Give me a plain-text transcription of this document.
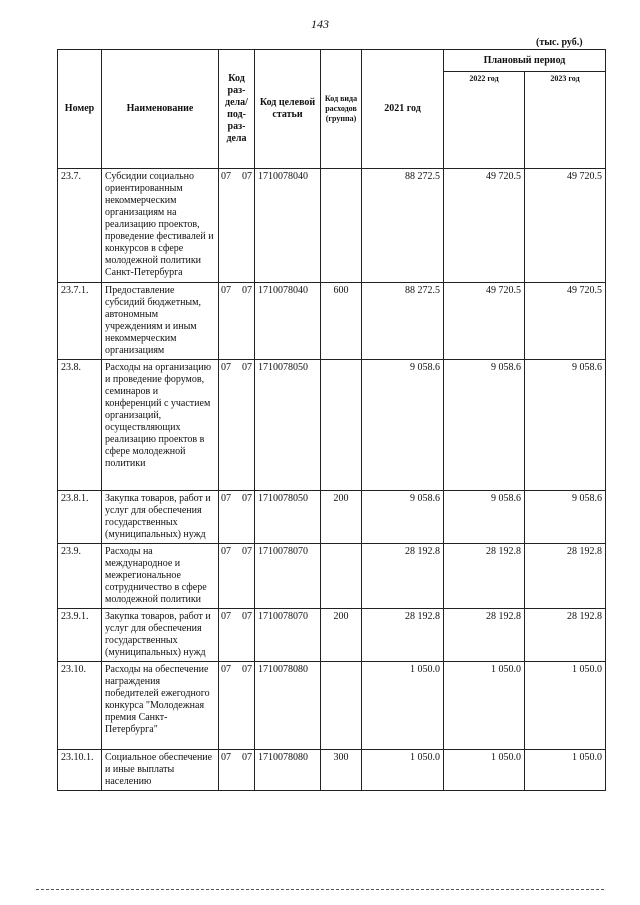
143
(тыс. руб.)
Номер	Наименование	Код раз-дела/ под-раз-дела	Код целевой статьи	Код вида расходов (группа)	2021 год	Плановый период	
						2022 год	2023 год
23.7.	Субсидии социально ориентированным некоммерческим организациям на реализацию проектов, проведение фестивалей и конкурсов в сфере молодежной политики Санкт-Петербурга	07 07	1710078040		88 272.5	49 720.5	49 720.5
23.7.1.	Предоставление субсидий бюджетным, автономным учреждениям и иным некоммерческим организациям	07 07	1710078040	600	88 272.5	49 720.5	49 720.5
23.8.	Расходы на организацию и проведение форумов, семинаров и конференций с участием организаций, осуществляющих реализацию проектов в сфере молодежной политики	07 07	1710078050		9 058.6	9 058.6	9 058.6
23.8.1.	Закупка товаров, работ и услуг для обеспечения государственных (муниципальных) нужд	07 07	1710078050	200	9 058.6	9 058.6	9 058.6
23.9.	Расходы на международное и межрегиональное сотрудничество в сфере молодежной политики	07 07	1710078070		28 192.8	28 192.8	28 192.8
23.9.1.	Закупка товаров, работ и услуг для обеспечения государственных (муниципальных) нужд	07 07	1710078070	200	28 192.8	28 192.8	28 192.8
23.10.	Расходы на обеспечение награждения победителей ежегодного конкурса "Молодежная премия Санкт-Петербурга"	07 07	1710078080		1 050.0	1 050.0	1 050.0
23.10.1.	Социальное обеспечение и иные выплаты населению	07 07	1710078080	300	1 050.0	1 050.0	1 050.0
